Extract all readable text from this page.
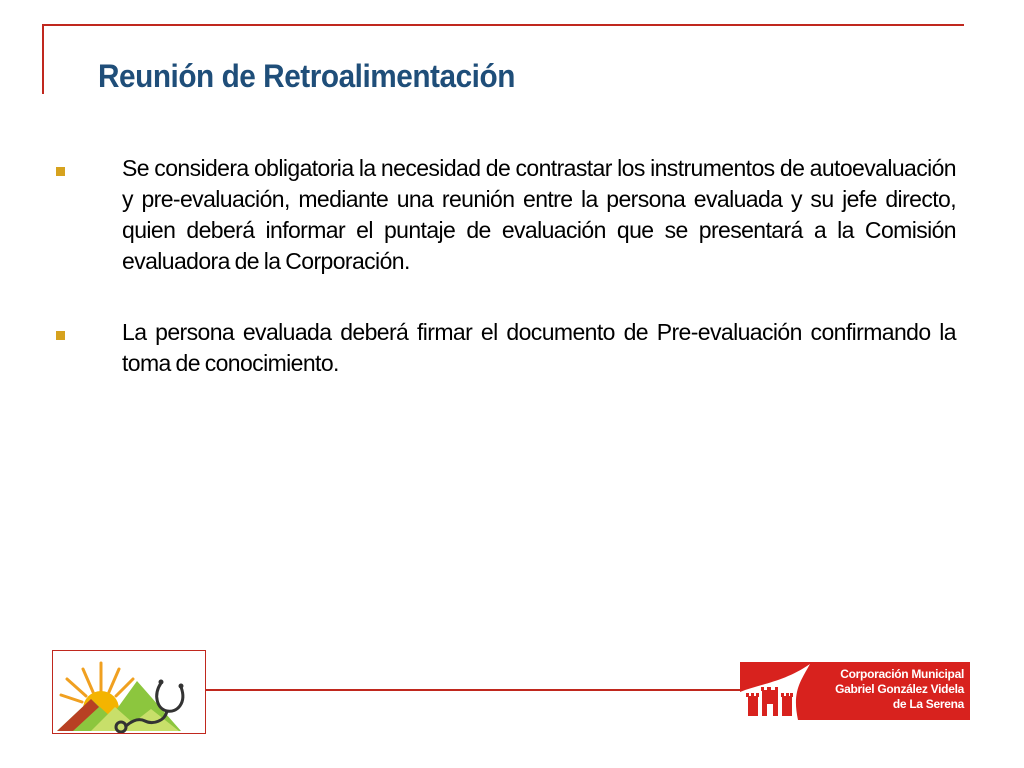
Reunión de Retroalimentación
Se considera obligatoria la necesidad de contrastar los instrumentos de autoevaluación y pre-evaluación, mediante una reunión entre la persona evaluada y su jefe directo, quien deberá informar el puntaje de evaluación que se presentará a la Comisión evaluadora de la Corporación.
La persona evaluada deberá firmar el documento de Pre-evaluación confirmando la toma de conocimiento.
Corporación Municipal
Gabriel González Videla
de La Serena
